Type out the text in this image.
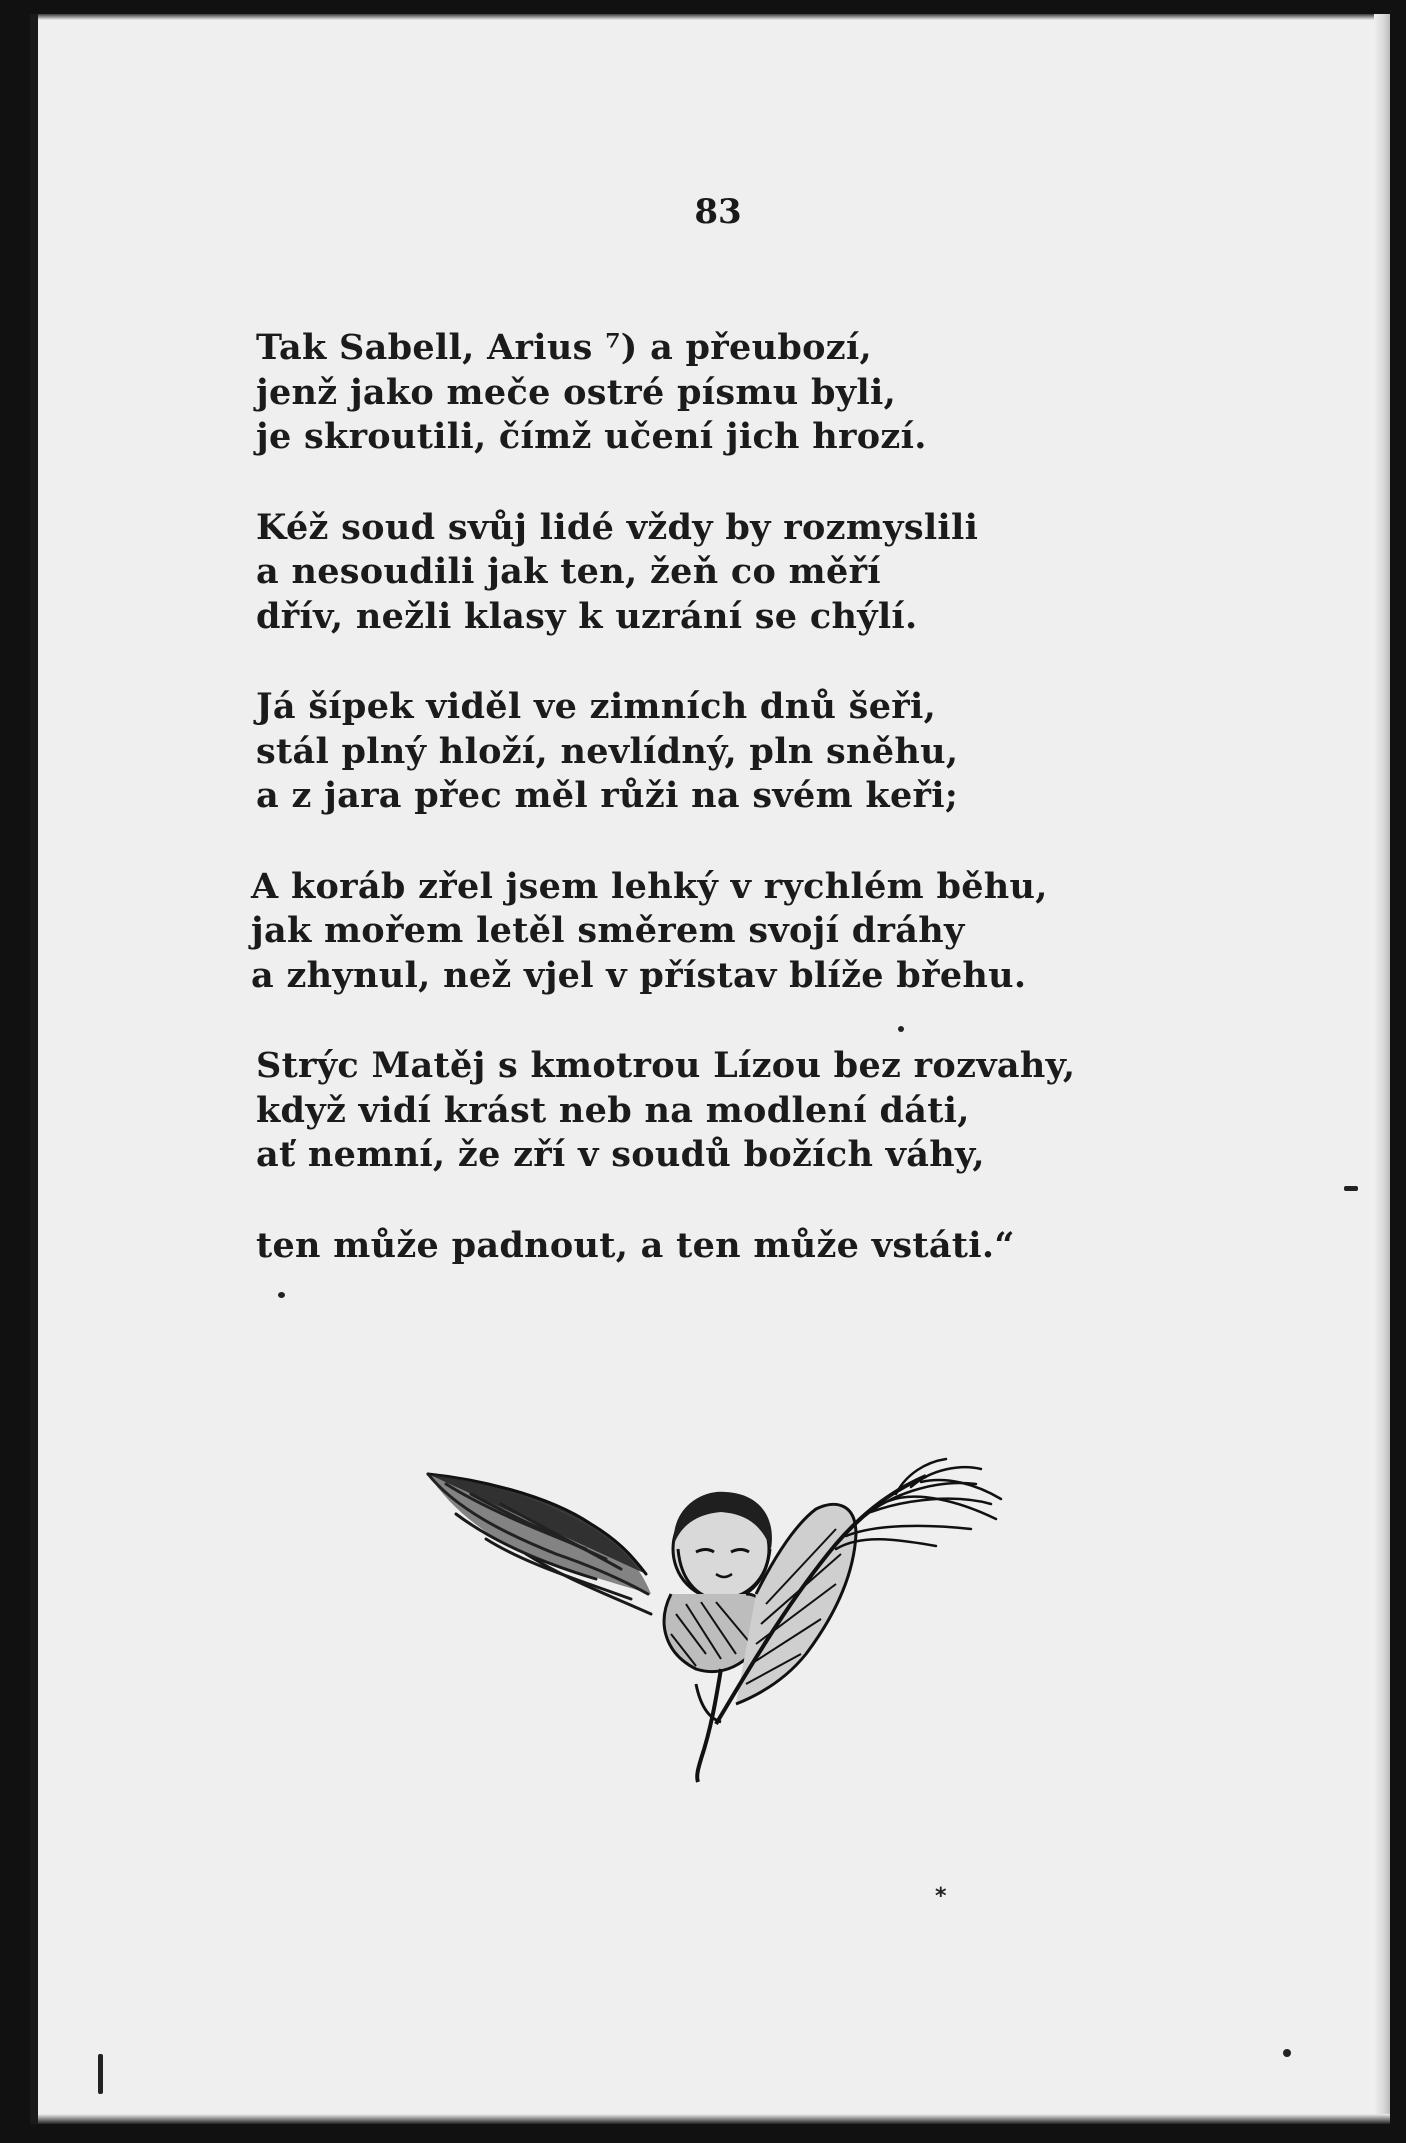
83
Tak Sabell, Arius ⁷) a přeubozí,
jenž jako meče ostré písmu byli,
je skroutili, čímž učení jich hrozí.
Kéž soud svůj lidé vždy by rozmyslili
a nesoudili jak ten, žeň co měří
dřív, nežli klasy k uzrání se chýlí.
Já šípek viděl ve zimních dnů šeři,
stál plný hloží, nevlídný, pln sněhu,
a z jara přec měl růži na svém keři;
A koráb zřel jsem lehký v rychlém běhu,
jak mořem letěl směrem svojí dráhy
a zhynul, než vjel v přístav blíže břehu.
Strýc Matěj s kmotrou Lízou bez rozvahy,
když vidí krást neb na modlení dáti,
ať nemní, že zří v soudů božích váhy,
ten může padnout, a ten může vstáti.“
*
